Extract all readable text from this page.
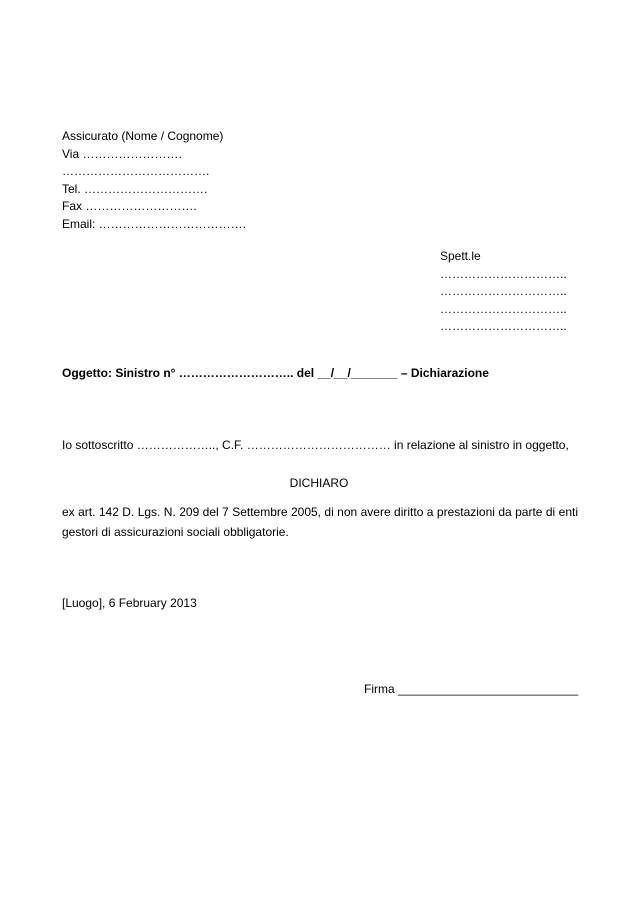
Assicurato (Nome / Cognome)
Via …………………….
……………………………….
Tel. ………………………….
Fax ……………………….
Email: ……………………………….
Spett.le
…………………………..
…………………………..
…………………………..
…………………………..
Oggetto: Sinistro n° ……………………….. del __/__/_______ – Dichiarazione
Io sottoscritto ……………….., C.F. ……………………………… in relazione al sinistro in oggetto,
DICHIARO
ex art. 142 D. Lgs. N. 209 del 7 Settembre 2005, di non avere diritto a prestazioni da parte di enti gestori di assicurazioni sociali obbligatorie.
[Luogo], 6 February 2013
Firma ___________________________
